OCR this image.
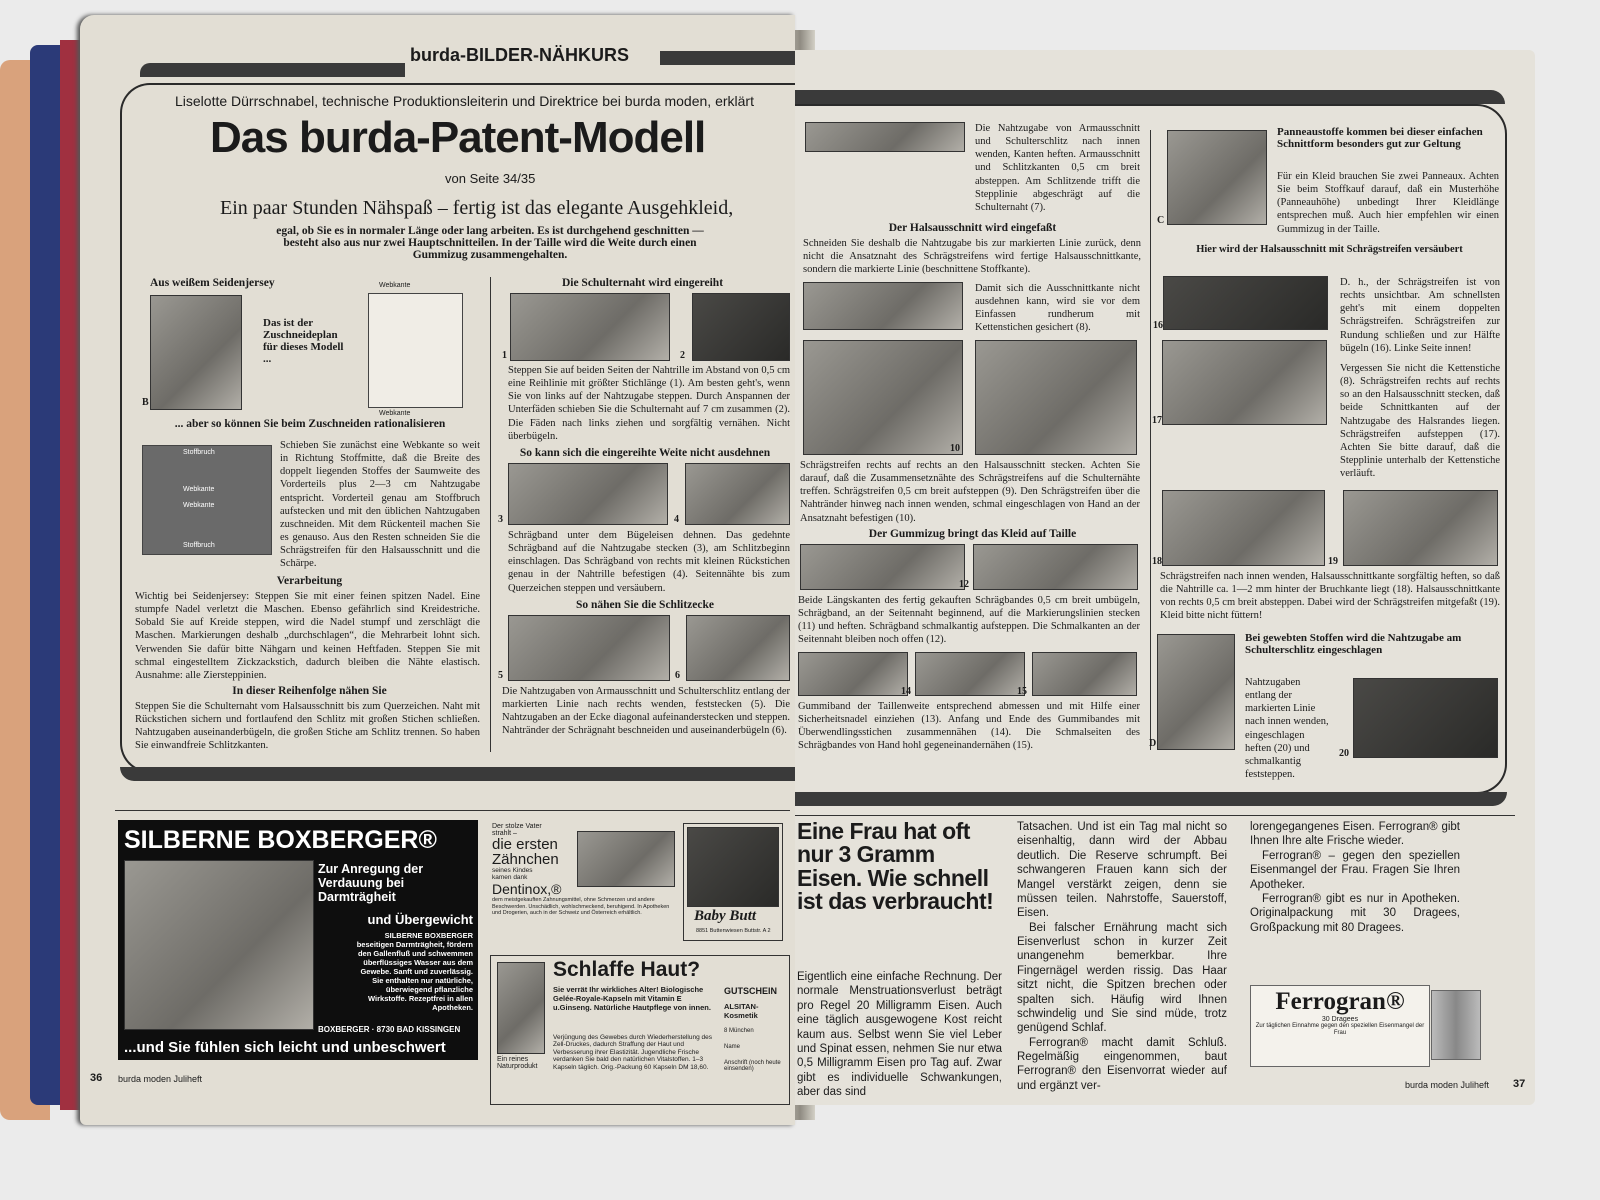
burda-BILDER-NÄHKURS
Liselotte Dürrschnabel, technische Produktionsleiterin und Direktrice bei burda moden, erklärt
Das burda-Patent-Modell
von Seite 34/35
Ein paar Stunden Nähspaß – fertig ist das elegante Ausgehkleid,
egal, ob Sie es in normaler Länge oder lang arbeiten. Es ist durchgehend geschnitten — besteht also aus nur zwei Hauptschnitteilen. In der Taille wird die Weite durch einen Gummizug zusammengehalten.
Aus weißem Seidenjersey
B
Das ist der Zuschneideplan für dieses Modell ...
Webkante
Webkante
... aber so können Sie beim Zuschneiden rationalisieren
Stoffbruch
Webkante
Webkante
Stoffbruch
Schieben Sie zunächst eine Webkante so weit in Richtung Stoffmitte, daß die Breite des doppelt liegenden Stoffes der Saumweite des Vorderteils plus 2—3 cm Nahtzugabe entspricht. Vorderteil genau am Stoffbruch aufstecken und mit den üblichen Nahtzugaben zuschneiden. Mit dem Rückenteil machen Sie es genauso. Aus den Resten schneiden Sie die Schrägstreifen für den Halsausschnitt und die Schärpe.
Verarbeitung
Wichtig bei Seidenjersey: Steppen Sie mit einer feinen spitzen Nadel. Eine stumpfe Nadel verletzt die Maschen. Ebenso gefährlich sind Kreidestriche. Sobald Sie auf Kreide steppen, wird die Nadel stumpf und zerschlägt die Maschen. Markierungen deshalb „durchschlagen“, die Mehrarbeit lohnt sich. Verwenden Sie dafür bitte Nähgarn und keinen Heftfaden. Steppen Sie mit schmal eingestelltem Zickzackstich, dadurch bleiben die Nähte elastisch. Ausnahme: alle Ziersteppinien.
In dieser Reihenfolge nähen Sie
Steppen Sie die Schulternaht vom Halsausschnitt bis zum Querzeichen. Naht mit Rückstichen sichern und fortlaufend den Schlitz mit großen Stichen schließen. Nahtzugaben auseinanderbügeln, die großen Stiche am Schlitz trennen. So haben Sie einwandfreie Schlitzkanten.
Die Schulternaht wird eingereiht
1	2
Steppen Sie auf beiden Seiten der Nahtrille im Abstand von 0,5 cm eine Reihlinie mit größter Stichlänge (1). Am besten geht's, wenn Sie von links auf der Nahtzugabe steppen. Durch Anspannen der Unterfäden schieben Sie die Schulternaht auf 7 cm zusammen (2). Die Fäden nach links ziehen und sorgfältig vernähen. Nicht überbügeln.
So kann sich die eingereihte Weite nicht ausdehnen
3	4
Schrägband unter dem Bügeleisen dehnen. Das gedehnte Schrägband auf die Nahtzugabe stecken (3), am Schlitzbeginn einschlagen. Das Schrägband von rechts mit kleinen Rückstichen genau in der Nahtrille befestigen (4). Seitennähte bis zum Querzeichen steppen und versäubern.
So nähen Sie die Schlitzecke
5	6
Die Nahtzugaben von Armausschnitt und Schulterschlitz entlang der markierten Linie nach rechts wenden, feststecken (5). Die Nahtzugaben an der Ecke diagonal aufeinanderstecken und steppen. Nahtränder der Schrägnaht beschneiden und auseinanderbügeln (6).
SILBERNE BOXBERGER®
Zur Anregung der Verdauung bei Darmträgheit
und Übergewicht
SILBERNE BOXBERGER beseitigen Darmträgheit, fördern den Gallenfluß und schwemmen überflüssiges Wasser aus dem Gewebe. Sanft und zuverlässig. Sie enthalten nur natürliche, überwiegend pflanzliche Wirkstoffe. Rezeptfrei in allen Apotheken.
BOXBERGER · 8730 BAD KISSINGEN
...und Sie fühlen sich leicht und unbeschwert
Der stolze Vater strahlt –
die ersten Zähnchen
seines Kindes kamen dank
Dentinox,®
dem meistgekauften Zahnungsmittel, ohne Schmerzen und andere Beschwerden. Unschädlich, wohlschmeckend, beruhigend. In Apotheken und Drogerien, auch in der Schweiz und Österreich erhältlich.	Baby Butt
8851 Buttenwiesen Buttstr. A 2
Ein reines Naturprodukt
Schlaffe Haut?
Sie verrät Ihr wirkliches Alter! Biologische Gelée-Royale-Kapseln mit Vitamin E u.Ginseng. Natürliche Hautpflege von innen.
Verjüngung des Gewebes durch Wiederherstellung des Zell-Druckes, dadurch Straffung der Haut und Verbesserung ihrer Elastizität. Jugendliche Frische verdanken Sie bald den natürlichen Vitalstoffen. 1–3 Kapseln täglich. Orig.-Packung 60 Kapseln DM 18,60.
GUTSCHEIN
ALSITAN-Kosmetik
8 München
Name
Anschrift (noch heute einsenden)
36 burda moden Juliheft
Die Nahtzugabe von Armausschnitt und Schulterschlitz nach innen wenden, Kanten heften. Armausschnitt und Schlitzkanten 0,5 cm breit absteppen. Am Schlitzende trifft die Stepplinie abgeschrägt auf die Schulternaht (7).
Der Halsausschnitt wird eingefaßt
Schneiden Sie deshalb die Nahtzugabe bis zur markierten Linie zurück, denn nicht die Ansatznaht des Schrägstreifens wird fertige Halsausschnittkante, sondern die markierte Linie (beschnittene Stoffkante).
Damit sich die Ausschnittkante nicht ausdehnen kann, wird sie vor dem Einfassen rundherum mit Kettenstichen gesichert (8).
10
Schrägstreifen rechts auf rechts an den Halsausschnitt stecken. Achten Sie darauf, daß die Zusammensetznähte des Schrägstreifens auf die Schulternähte treffen. Schrägstreifen 0,5 cm breit aufsteppen (9). Den Schrägstreifen über die Nahtränder hinweg nach innen wenden, schmal eingeschlagen von Hand an der Ansatznaht befestigen (10).
Der Gummizug bringt das Kleid auf Taille
12
Beide Längskanten des fertig gekauften Schrägbandes 0,5 cm breit umbügeln, Schrägband, an der Seitennaht beginnend, auf die Markierungslinien stecken (11) und heften. Schrägband schmalkantig aufsteppen. Die Schmalkanten an der Seitennaht bleiben noch offen (12).
14	15
Gummiband der Taillenweite entsprechend abmessen und mit Hilfe einer Sicherheitsnadel einziehen (13). Anfang und Ende des Gummibandes mit Überwendlingsstichen zusammennähen (14). Die Schmalseiten des Schrägbandes von Hand hohl gegeneinandernähen (15).
C
Panneaustoffe kommen bei dieser einfachen Schnittform besonders gut zur Geltung
Für ein Kleid brauchen Sie zwei Panneaux. Achten Sie beim Stoffkauf darauf, daß ein Musterhöhe (Panneauhöhe) unbedingt Ihrer Kleidlänge entsprechen muß. Auch hier empfehlen wir einen Gummizug in der Taille.
Hier wird der Halsausschnitt mit Schrägstreifen versäubert
16
D. h., der Schrägstreifen ist von rechts unsichtbar. Am schnellsten geht's mit einem doppelten Schrägstreifen. Schrägstreifen zur Rundung schließen und zur Hälfte bügeln (16). Linke Seite innen!
17
Vergessen Sie nicht die Kettenstiche (8). Schrägstreifen rechts auf rechts so an den Halsausschnitt stecken, daß beide Schnittkanten auf der Nahtzugabe des Halsrandes liegen. Schrägstreifen aufsteppen (17). Achten Sie bitte darauf, daß die Stepplinie unterhalb der Kettenstiche verläuft.
18	19
Schrägstreifen nach innen wenden, Halsausschnittkante sorgfältig heften, so daß die Nahtrille ca. 1—2 mm hinter der Bruchkante liegt (18). Halsausschnittkante von rechts 0,5 cm breit absteppen. Dabei wird der Schrägstreifen mitgefaßt (19). Kleid bitte nicht füttern!
D
Bei gewebten Stoffen wird die Nahtzugabe am Schulterschlitz eingeschlagen
Nahtzugaben entlang der markierten Linie nach innen wenden, eingeschlagen heften (20) und schmalkantig feststeppen.
20
Eine Frau hat oft nur 3 Gramm Eisen. Wie schnell ist das verbraucht!
Eigentlich eine einfache Rechnung. Der normale Menstruationsverlust beträgt pro Regel 20 Milligramm Eisen. Auch eine täglich ausgewogene Kost reicht kaum aus. Selbst wenn Sie viel Leber und Spinat essen, nehmen Sie nur etwa 0,5 Milligramm Eisen pro Tag auf. Zwar gibt es individuelle Schwankungen, aber das sind

Tatsachen. Und ist ein Tag mal nicht so eisenhaltig, dann wird der Abbau deutlich. Die Reserve schrumpft. Bei schwangeren Frauen kann sich der Mangel verstärkt zeigen, denn sie müssen teilen. Nahrstoffe, Sauerstoff, Eisen.

Bei falscher Ernährung macht sich Eisenverlust schon in kurzer Zeit unangenehm bemerkbar. Ihre Fingernägel werden rissig. Das Haar sitzt nicht, die Spitzen brechen oder spalten sich. Häufig wird Ihnen schwindelig und Sie sind müde, trotz genügend Schlaf.

Ferrogran® macht damit Schluß. Regelmäßig eingenommen, baut Ferrogran® den Eisenvorrat wieder auf und ergänzt ver-

lorengegangenes Eisen. Ferrogran® gibt Ihnen Ihre alte Frische wieder.

Ferrogran® – gegen den speziellen Eisenmangel der Frau. Fragen Sie Ihren Apotheker.

Ferrogran® gibt es nur in Apotheken. Originalpackung mit 30 Dragees, Großpackung mit 80 Dragees.

Ferrogran®
30 Dragees
Zur täglichen Einnahme gegen den speziellen Eisenmangel der Frau
burda moden Juliheft 37
